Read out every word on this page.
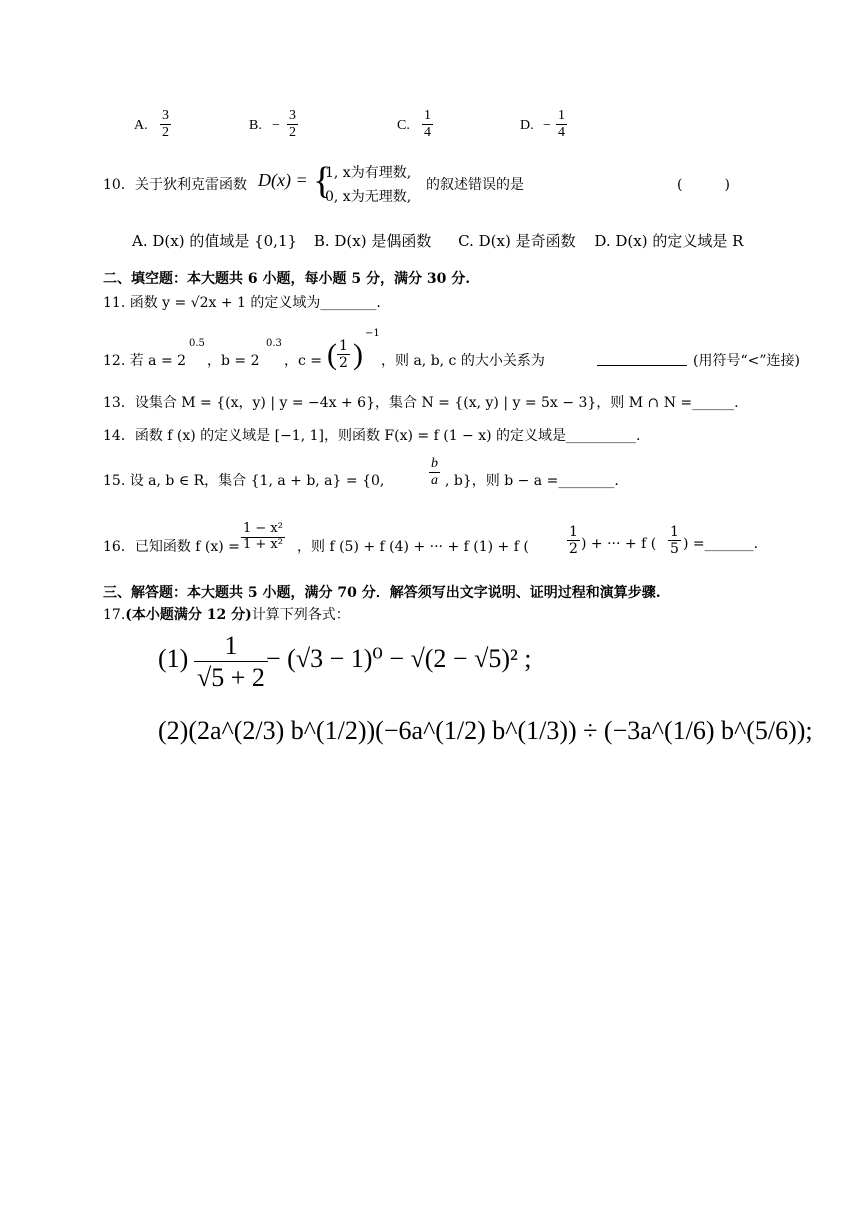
A. $\frac{3}{2}$	B. − $\frac{3}{2}$	C. $\frac{1}{4}$	D. − $\frac{1}{4}$
10． 关于狄利克雷函数 D(x) = {
1, x为有理数,
0, x为无理数,
的叙述错误的是	(　　　)
A. D(x) 的值域是 {0,1} B. D(x) 是偶函数 C. D(x) 是奇函数 D. D(x) 的定义域是 R
二、填空题：本大题共 6 小题，每小题 5 分，满分 30 分.
11. 函数 y = √2x + 1 的定义域为________.
12. 若 a = 2
0.5
，b = 2
0.3
，c = ( $\frac{1}{2}$ )
−1
，则 a, b, c 的大小关系为	(用符号“<”连接)
13．设集合 M = {(x，y) | y = −4x + 6}，集合 N = {(x, y) | y = 5x − 3}，则 M ∩ N =______.
14．函数 f (x) 的定义域是 [−1, 1]，则函数 F(x) = f (1 − x) 的定义域是__________.
15. 设 a, b ∈ R，集合 {1, a + b, a} = {0,	$\frac{b}{a}$ , b}，则 b − a =________.
16．已知函数 f $(x) = \frac{\text{1 − x²}}{\text{1 + x²}}$ ，则 f (5) + f (4) + ··· + f (1) + f (	$\frac{1}{2}$ ) + ··· + f ( $\frac{1}{5}$ ) =_______.
三、解答题：本大题共 5 小题，满分 70 分．解答须写出文字说明、证明过程和演算步骤.
17.(本小题满分 12 分)计算下列各式：
$(1) \frac{1}{√5 + 2}$
− (√3 − 1)⁰ − √(2 − √5)² ;
(2)(2a^(2/3) b^(1/2))(−6a^(1/2) b^(1/3)) ÷ (−3a^(1/6) b^(5/6));
